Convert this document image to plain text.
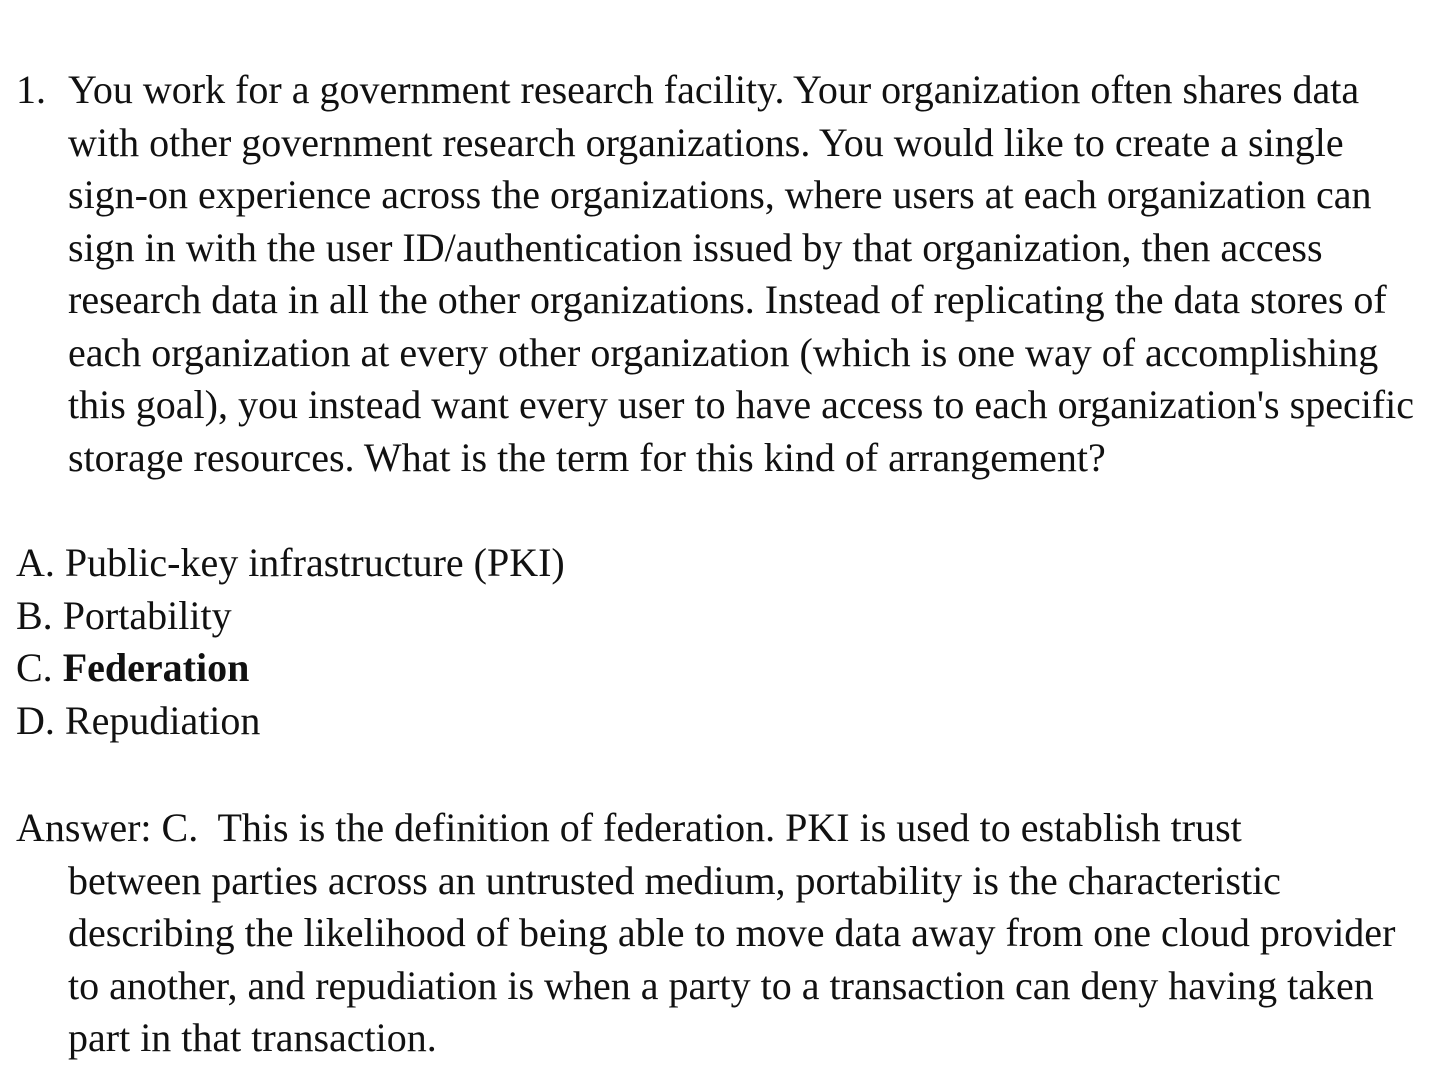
1. You work for a government research facility. Your organization often shares data with other government research organizations. You would like to create a single sign-on experience across the organizations, where users at each organization can sign in with the user ID/authentication issued by that organization, then access research data in all the other organizations. Instead of replicating the data stores of each organization at every other organization (which is one way of accomplishing this goal), you instead want every user to have access to each organization's specific storage resources. What is the term for this kind of arrangement?
A. Public-key infrastructure (PKI)
B. Portability
C. Federation
D. Repudiation
Answer: C. This is the definition of federation. PKI is used to establish trust
between parties across an untrusted medium, portability is the characteristic describing the likelihood of being able to move data away from one cloud provider to another, and repudiation is when a party to a transaction can deny having taken part in that transaction.
